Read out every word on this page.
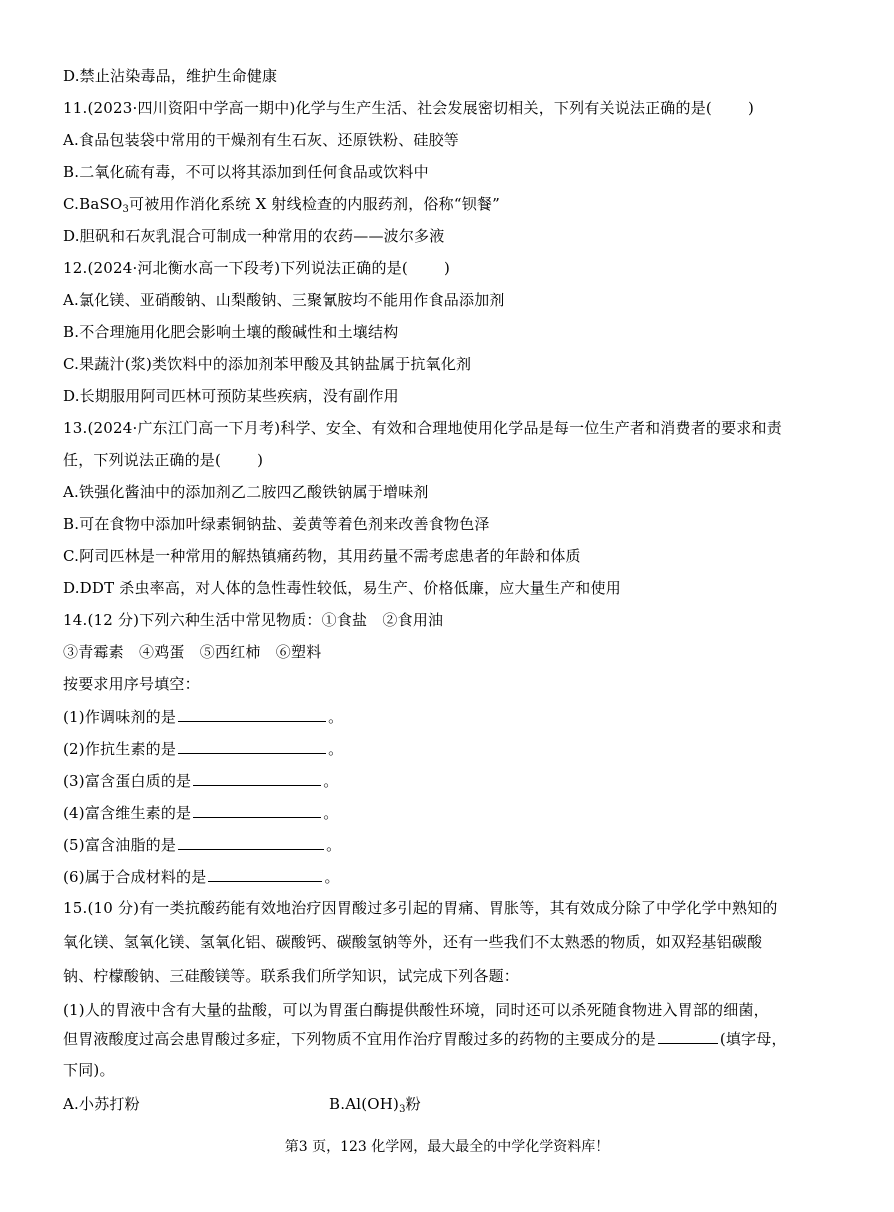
D.禁止沾染毒品，维护生命健康
11.(2023·四川资阳中学高一期中)化学与生产生活、社会发展密切相关，下列有关说法正确的是( )
A.食品包装袋中常用的干燥剂有生石灰、还原铁粉、硅胶等
B.二氧化硫有毒，不可以将其添加到任何食品或饮料中
C.BaSO$_3$可被用作消化系统 X 射线检查的内服药剂，俗称“钡餐”
D.胆矾和石灰乳混合可制成一种常用的农药——波尔多液
12.(2024·河北衡水高一下段考)下列说法正确的是( )
A.氯化镁、亚硝酸钠、山梨酸钠、三聚氰胺均不能用作食品添加剂
B.不合理施用化肥会影响土壤的酸碱性和土壤结构
C.果蔬汁(浆)类饮料中的添加剂苯甲酸及其钠盐属于抗氧化剂
D.长期服用阿司匹林可预防某些疾病，没有副作用
13.(2024·广东江门高一下月考)科学、安全、有效和合理地使用化学品是每一位生产者和消费者的要求和责
任，下列说法正确的是( )
A.铁强化酱油中的添加剂乙二胺四乙酸铁钠属于增味剂
B.可在食物中添加叶绿素铜钠盐、姜黄等着色剂来改善食物色泽
C.阿司匹林是一种常用的解热镇痛药物，其用药量不需考虑患者的年龄和体质
D.DDT 杀虫率高，对人体的急性毒性较低，易生产、价格低廉，应大量生产和使用
14.(12 分)下列六种生活中常见物质：①食盐　②食用油
③青霉素　④鸡蛋　⑤西红柿　⑥塑料
按要求用序号填空：
(1)作调味剂的是	。
(2)作抗生素的是	。
(3)富含蛋白质的是	。
(4)富含维生素的是	。
(5)富含油脂的是	。
(6)属于合成材料的是	。
15.(10 分)有一类抗酸药能有效地治疗因胃酸过多引起的胃痛、胃胀等，其有效成分除了中学化学中熟知的
氧化镁、氢氧化镁、氢氧化铝、碳酸钙、碳酸氢钠等外，还有一些我们不太熟悉的物质，如双羟基铝碳酸
钠、柠檬酸钠、三硅酸镁等。联系我们所学知识，试完成下列各题：
(1)人的胃液中含有大量的盐酸，可以为胃蛋白酶提供酸性环境，同时还可以杀死随食物进入胃部的细菌，
但胃液酸度过高会患胃酸过多症，下列物质不宜用作治疗胃酸过多的药物的主要成分的是	(填字母，
下同)。
A.小苏打粉	$B.Al(OH)_3$粉
第3 页，123 化学网，最大最全的中学化学资料库！
